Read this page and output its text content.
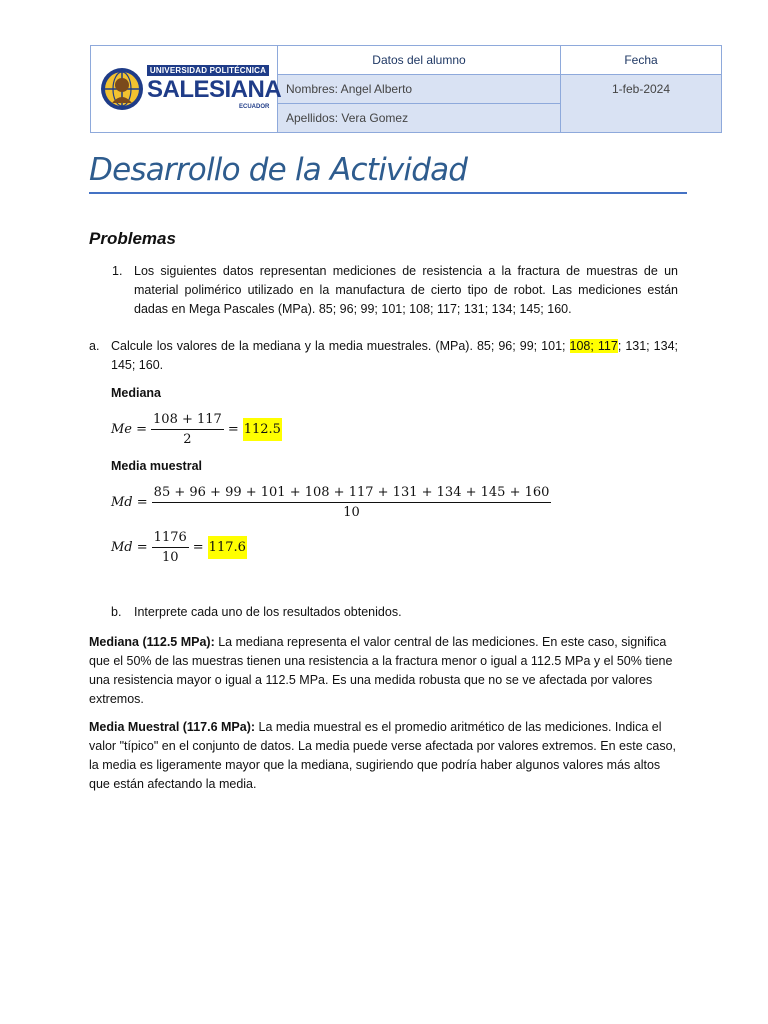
UNIVERSIDAD POLITÉCNICA
SALESIANA
ECUADOR	Datos del alumno	Fecha
	Nombres: Angel Alberto	1-feb-2024
	Apellidos: Vera Gomez	
Desarrollo de la Actividad
Problemas
1. Los siguientes datos representan mediciones de resistencia a la fractura de muestras de un material polimérico utilizado en la manufactura de cierto tipo de robot. Las mediciones están dadas en Mega Pascales (MPa). 85; 96; 99; 101; 108; 117; 131; 134; 145; 160.
a. Calcule los valores de la mediana y la media muestrales. (MPa). 85; 96; 99; 101; 108; 117; 131; 134; 145; 160.
Mediana
$Me = \frac{108 + 117}{2} = 112.5$
Media muestral
$Md = \frac{85 + 96 + 99 + 101 + 108 + 117 + 131 + 134 + 145 + 160}{10}$
$Md = \frac{1176}{10} = 117.6$
b. Interprete cada uno de los resultados obtenidos.
Mediana (112.5 MPa): La mediana representa el valor central de las mediciones. En este caso, significa que el 50% de las muestras tienen una resistencia a la fractura menor o igual a 112.5 MPa y el 50% tiene una resistencia mayor o igual a 112.5 MPa. Es una medida robusta que no se ve afectada por valores extremos.
Media Muestral (117.6 MPa): La media muestral es el promedio aritmético de las mediciones. Indica el valor "típico" en el conjunto de datos. La media puede verse afectada por valores extremos. En este caso, la media es ligeramente mayor que la mediana, sugiriendo que podría haber algunos valores más altos que están afectando la media.
